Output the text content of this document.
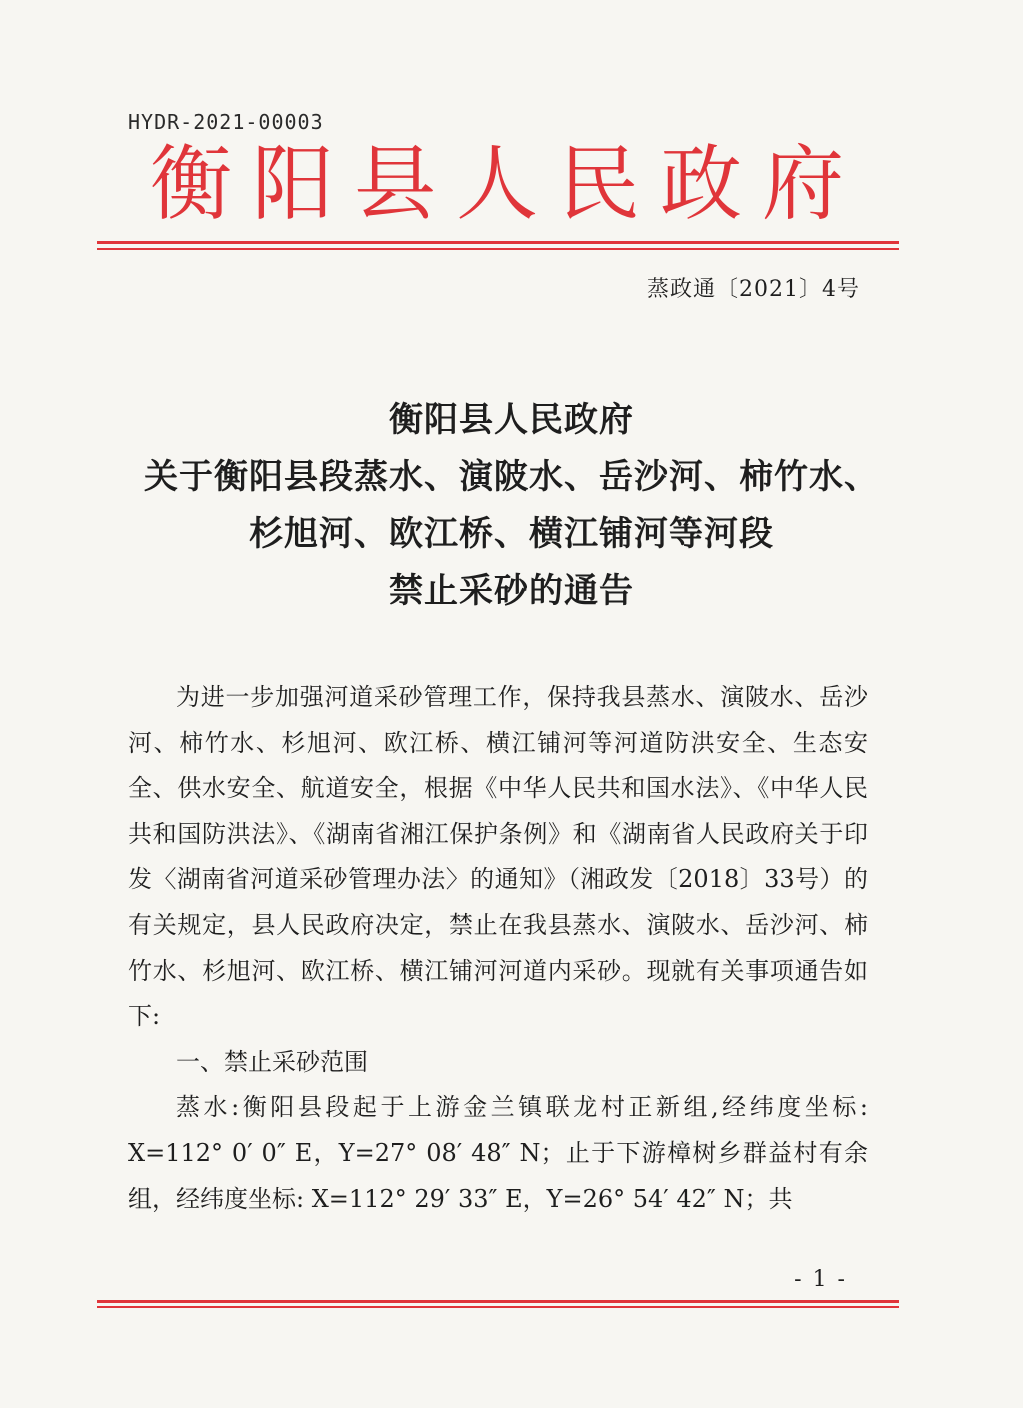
HYDR-2021-00003
衡阳县人民政府
蒸政通〔2021〕4号
衡阳县人民政府
关于衡阳县段蒸水、演陂水、岳沙河、柿竹水、
杉旭河、欧江桥、横江铺河等河段
禁止采砂的通告

为进一步加强河道采砂管理工作，保持我县蒸水、演陂水、岳沙河、柿竹水、杉旭河、欧江桥、横江铺河等河道防洪安全、生态安全、供水安全、航道安全，根据《中华人民共和国水法》、《中华人民共和国防洪法》、《湖南省湘江保护条例》和《湖南省人民政府关于印发〈湖南省河道采砂管理办法〉的通知》（湘政发〔2018〕33号）的有关规定，县人民政府决定，禁止在我县蒸水、演陂水、岳沙河、柿竹水、杉旭河、欧江桥、横江铺河河道内采砂。现就有关事项通告如下:

一、禁止采砂范围

蒸水:衡阳县段起于上游金兰镇联龙村正新组,经纬度坐标: X=112° 0′ 0″ E，Y=27° 08′ 48″ N；止于下游樟树乡群益村有余组，经纬度坐标: X=112° 29′ 33″ E，Y=26° 54′ 42″ N；共

- 1 -
